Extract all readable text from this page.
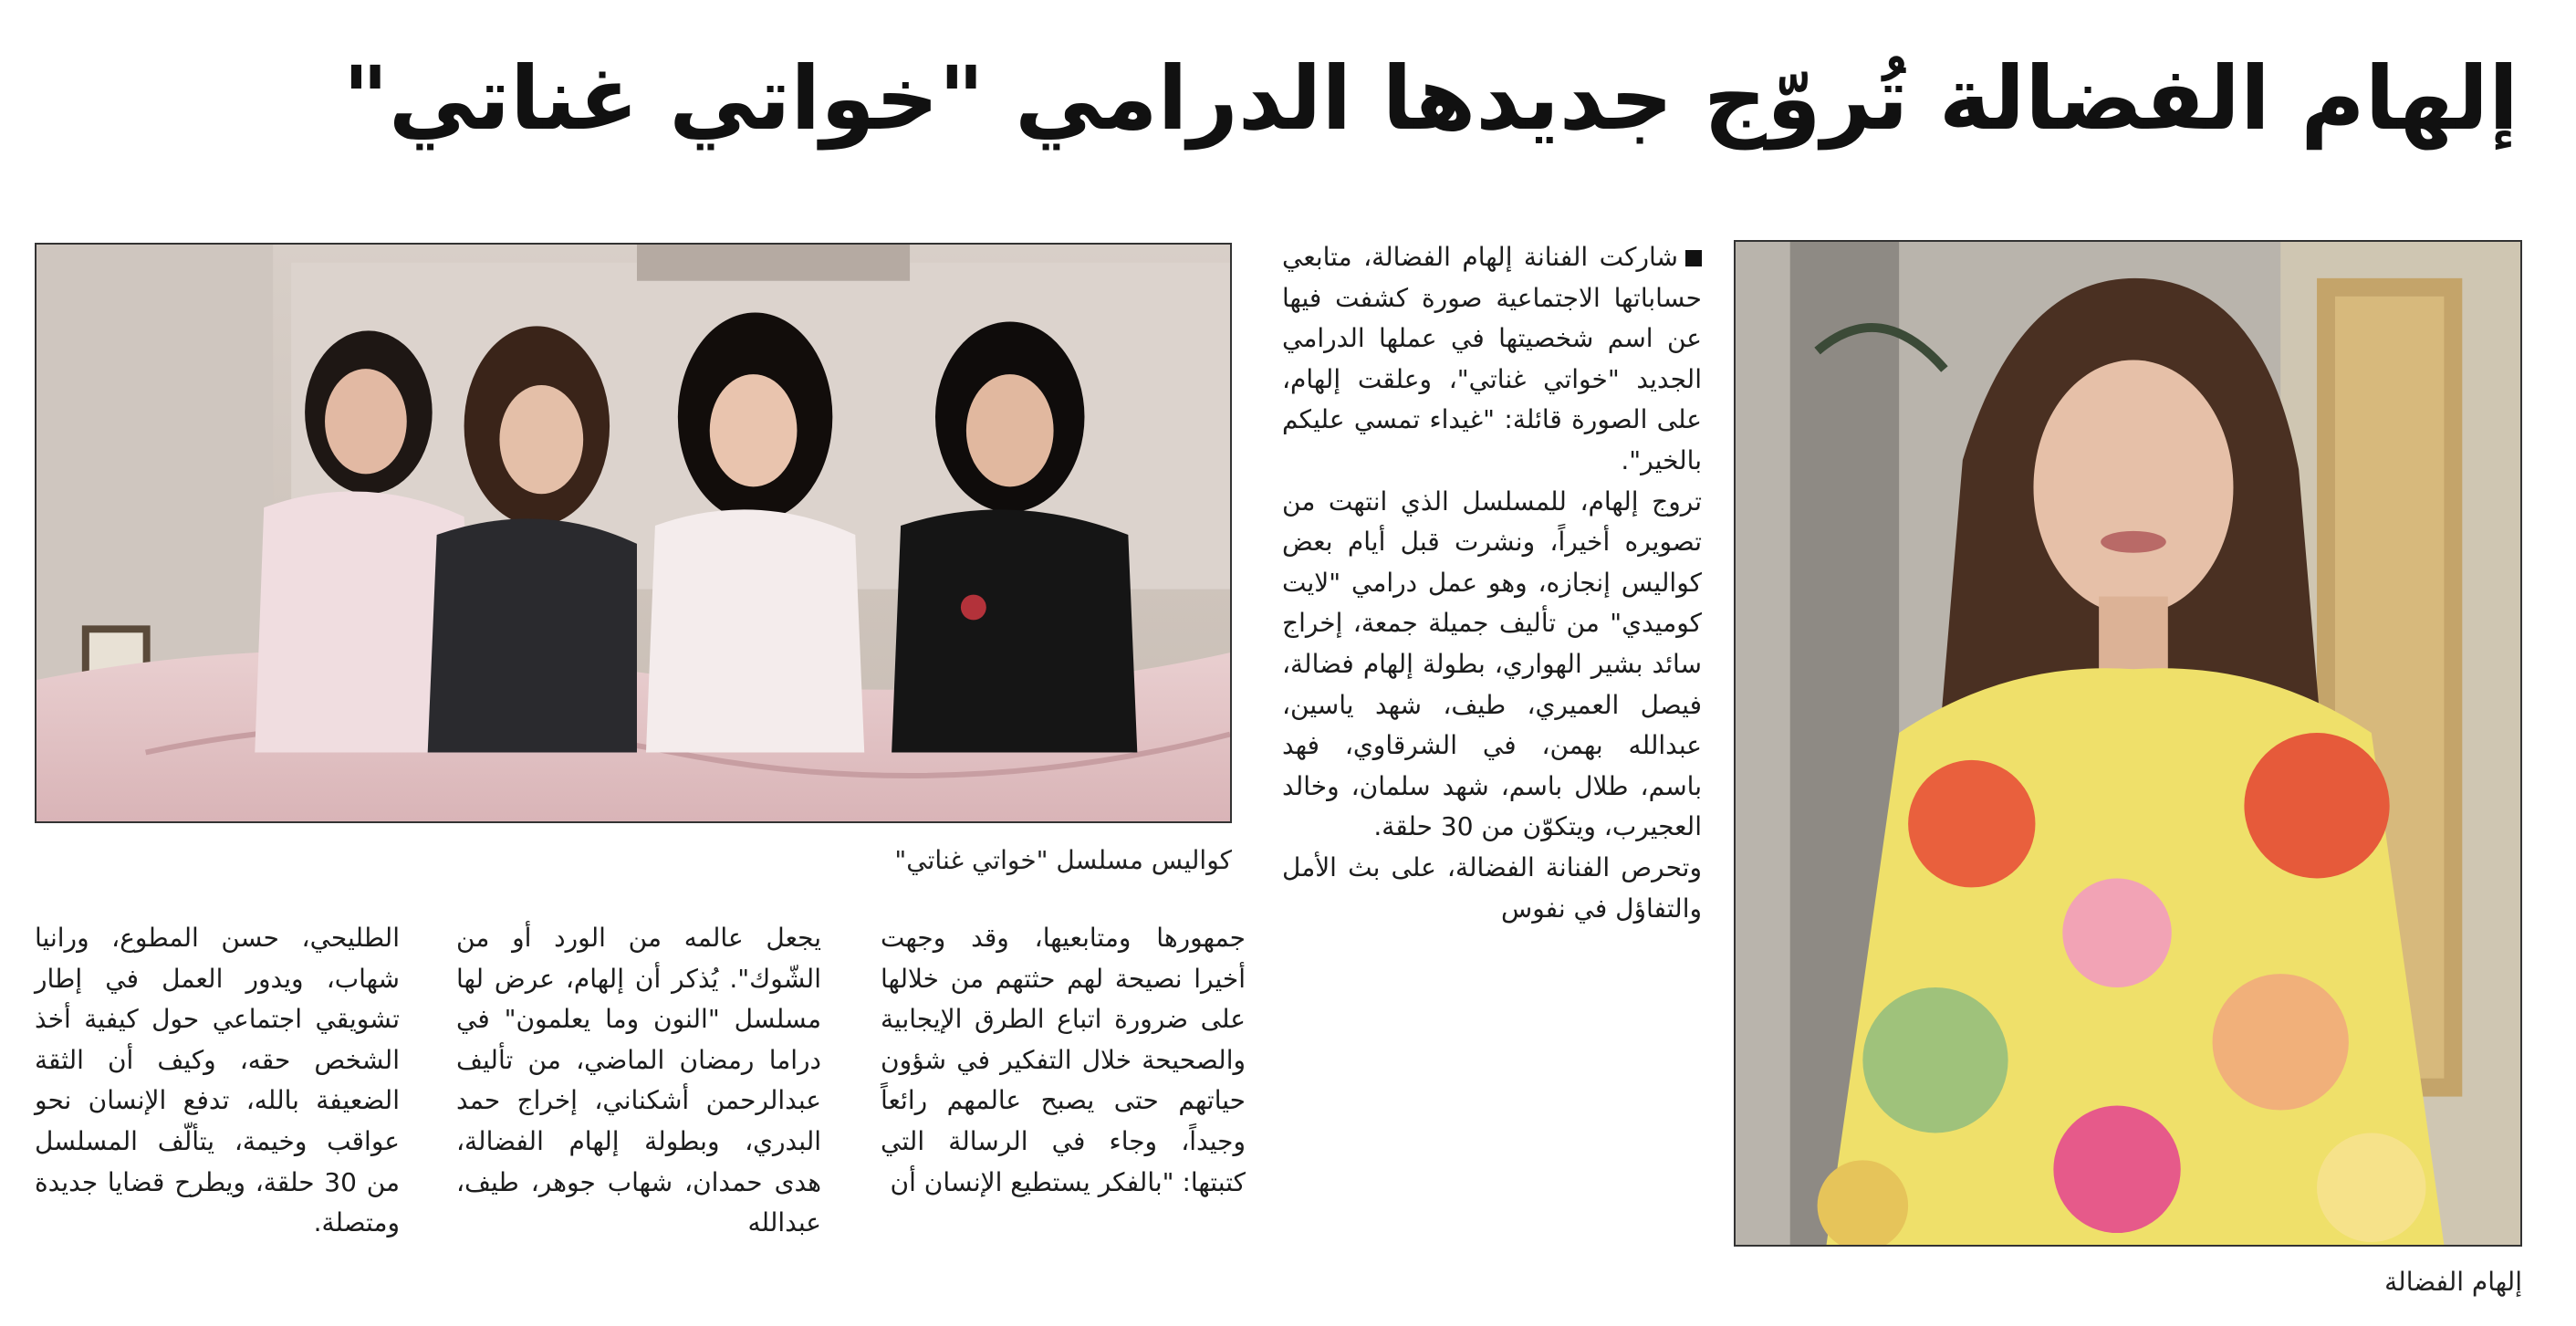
إلهام الفضالة تُروّج جديدها الدرامي "خواتي غناتي"
كواليس مسلسل "خواتي غناتي"
إلهام الفضالة

شاركت الفنانة إلهام الفضالة، متابعي حساباتها الاجتماعية صورة كشفت فيها عن اسم شخصيتها في عملها الدرامي الجديد "خواتي غناتي"، وعلقت إلهام، على الصورة قائلة: "غيداء تمسي عليكم بالخير".

تروج إلهام، للمسلسل الذي انتهت من تصويره أخيراً، ونشرت قبل أيام بعض كواليس إنجازه، وهو عمل درامي "لايت كوميدي" من تأليف جميلة جمعة، إخراج سائد بشير الهواري، بطولة إلهام فضالة، فيصل العميري، طيف، شهد ياسين، عبدالله بهمن، في الشرقاوي، فهد باسم، طلال باسم، شهد سلمان، وخالد العجيرب، ويتكوّن من 30 حلقة.

وتحرص الفنانة الفضالة، على بث الأمل والتفاؤل في نفوس

جمهورها ومتابعيها، وقد وجهت أخيرا نصيحة لهم حثتهم من خلالها على ضرورة اتباع الطرق الإيجابية والصحيحة خلال التفكير في شؤون حياتهم حتى يصبح عالمهم رائعاً وجيداً، وجاء في الرسالة التي كتبتها: "بالفكر يستطيع الإنسان أن

يجعل عالمه من الورد أو من الشّوك". يُذكر أن إلهام، عرض لها مسلسل "النون وما يعلمون" في دراما رمضان الماضي، من تأليف عبدالرحمن أشكناني، إخراج حمد البدري، وبطولة إلهام الفضالة، هدى حمدان، شهاب جوهر، طيف، عبدالله

الطليحي، حسن المطوع، ورانيا شهاب، ويدور العمل في إطار تشويقي اجتماعي حول كيفية أخذ الشخص حقه، وكيف أن الثقة الضعيفة بالله، تدفع الإنسان نحو عواقب وخيمة، يتألّف المسلسل من 30 حلقة، ويطرح قضايا جديدة ومتصلة.
